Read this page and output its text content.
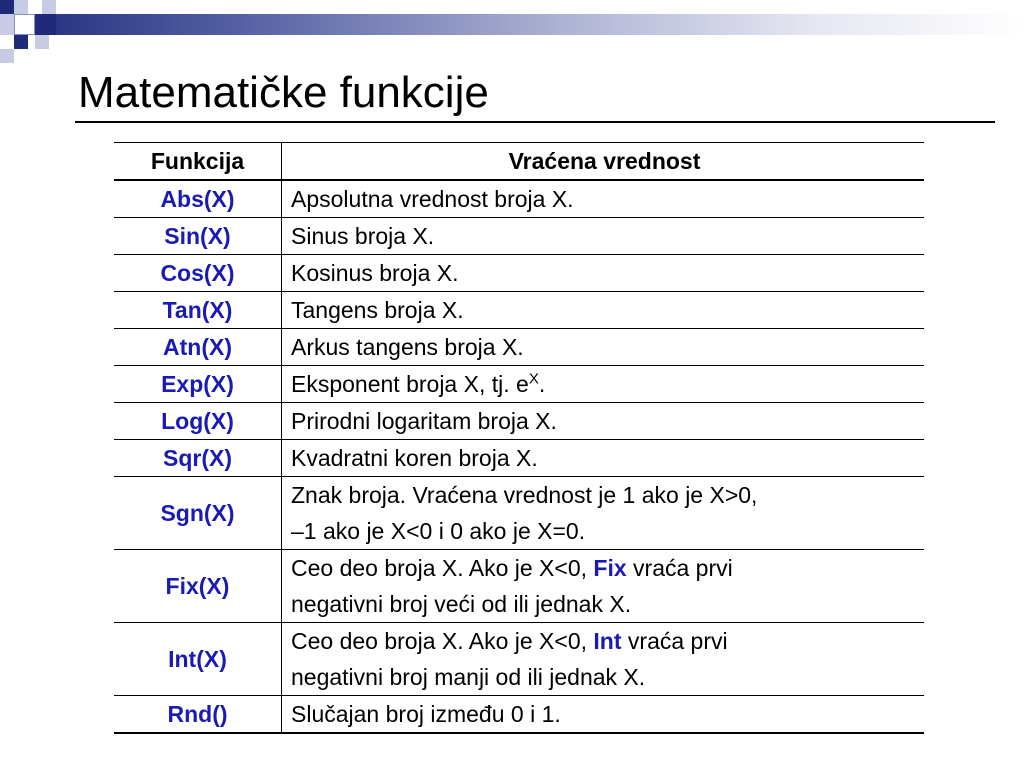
Matematičke funkcije
Funkcija	Vraćena vrednost
Abs(X)	Apsolutna vrednost broja X.
Sin(X)	Sinus broja X.
Cos(X)	Kosinus broja X.
Tan(X)	Tangens broja X.
Atn(X)	Arkus tangens broja X.
Exp(X)	Eksponent broja X, tj. $e^X$.
Log(X)	Prirodni logaritam broja X.
Sqr(X)	Kvadratni koren broja X.
Sgn(X)	Znak broja. Vraćena vrednost je 1 ako je X>0,
–1 ako je X<0 i 0 ako je X=0.
Fix(X)	Ceo deo broja X. Ako je X<0, Fix vraća prvi
negativni broj veći od ili jednak X.
Int(X)	Ceo deo broja X. Ako je X<0, Int vraća prvi
negativni broj manji od ili jednak X.
Rnd()	Slučajan broj između 0 i 1.
